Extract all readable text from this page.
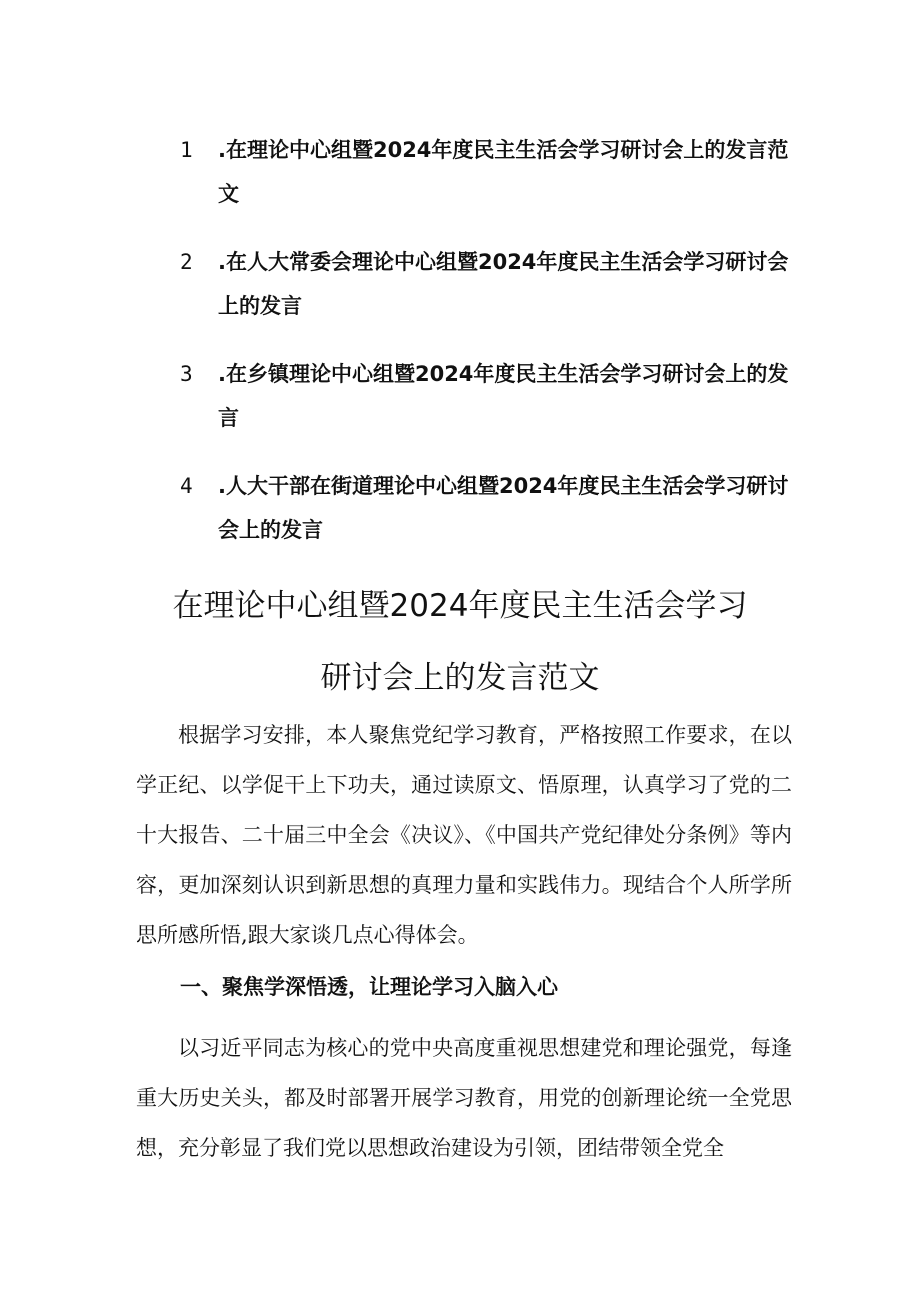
1	.在理论中心组暨2024年度民主生活会学习研讨会上的发言范文
2	.在人大常委会理论中心组暨2024年度民主生活会学习研讨会上的发言
3	.在乡镇理论中心组暨2024年度民主生活会学习研讨会上的发言
4	.人大干部在街道理论中心组暨2024年度民主生活会学习研讨会上的发言
在理论中心组暨2024年度民主生活会学习
研讨会上的发言范文
根据学习安排，本人聚焦党纪学习教育，严格按照工作要求，在以学正纪、以学促干上下功夫，通过读原文、悟原理，认真学习了党的二十大报告、二十届三中全会《决议》、《中国共产党纪律处分条例》等内容，更加深刻认识到新思想的真理力量和实践伟力。现结合个人所学所思所感所悟,跟大家谈几点心得体会。
一、聚焦学深悟透，让理论学习入脑入心
以习近平同志为核心的党中央高度重视思想建党和理论强党，每逢重大历史关头，都及时部署开展学习教育，用党的创新理论统一全党思想，充分彰显了我们党以思想政治建设为引领，团结带领全党全
